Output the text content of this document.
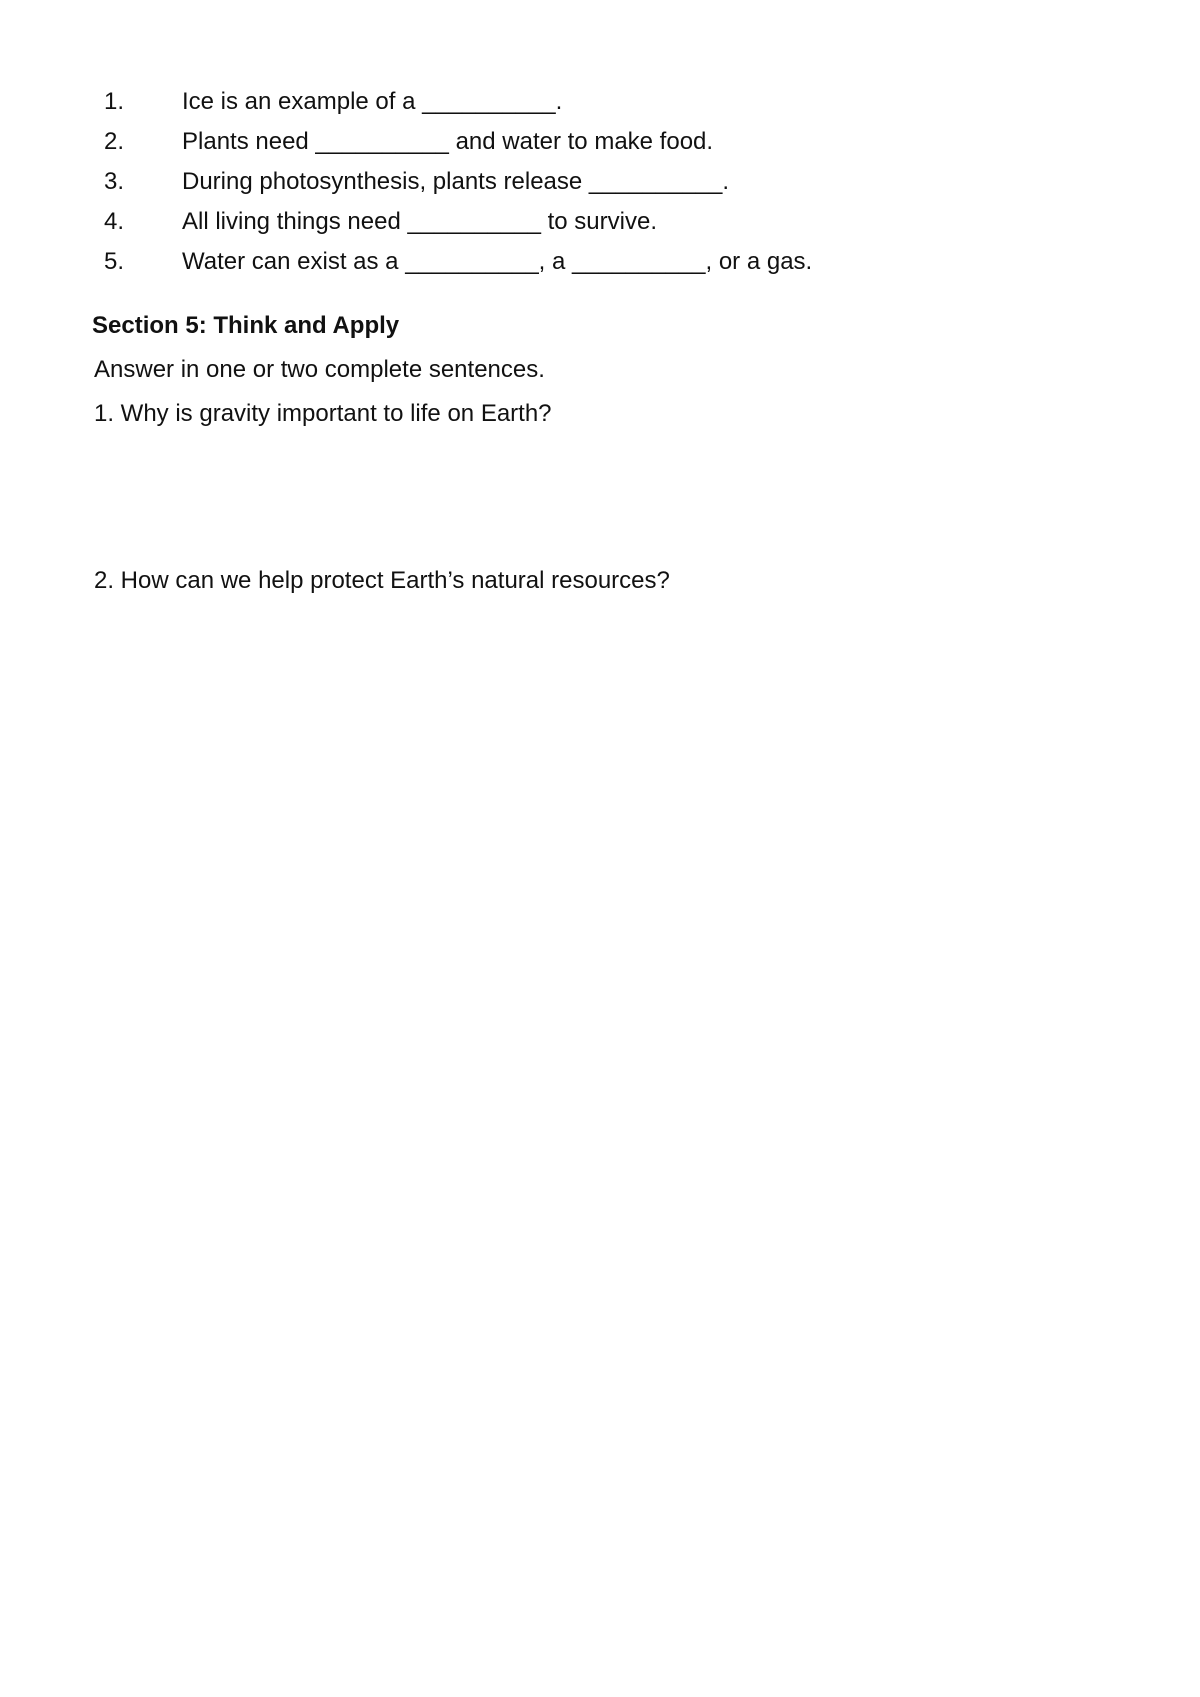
1. Ice is an example of a __________.
2. Plants need __________ and water to make food.
3. During photosynthesis, plants release __________.
4. All living things need __________ to survive.
5. Water can exist as a __________, a __________, or a gas.
Section 5: Think and Apply

Answer in one or two complete sentences.

1. Why is gravity important to life on Earth?

2. How can we help protect Earth’s natural resources?
